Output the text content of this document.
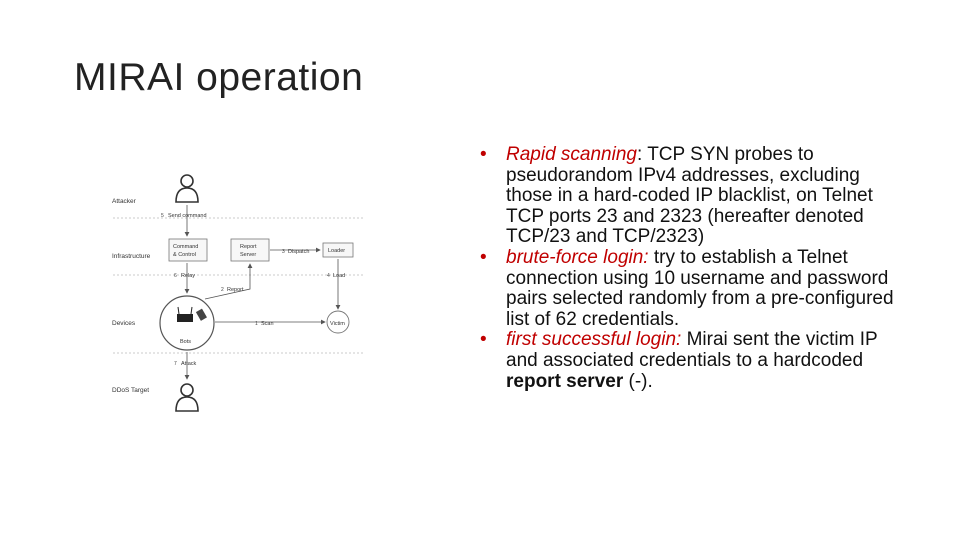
MIRAI operation
Attacker
Infrastructure
Devices
DDoS Target
5 Send command
Command
& Control
Report
Server
Loader
3 Dispatch
6 Relay
2 Report
4 Load
Bots
Victim
1 Scan
7 Attack
• Rapid scanning: TCP SYN probes to pseudorandom IPv4 addresses, excluding those in a hard-coded IP blacklist, on Telnet TCP ports 23 and 2323 (hereafter denoted TCP/23 and TCP/2323)
• brute-force login: try to establish a Telnet connection using 10 username and password pairs selected randomly from a pre-configured list of 62 credentials.
• first successful login: Mirai sent the victim IP and associated credentials to a hardcoded report server (-).
